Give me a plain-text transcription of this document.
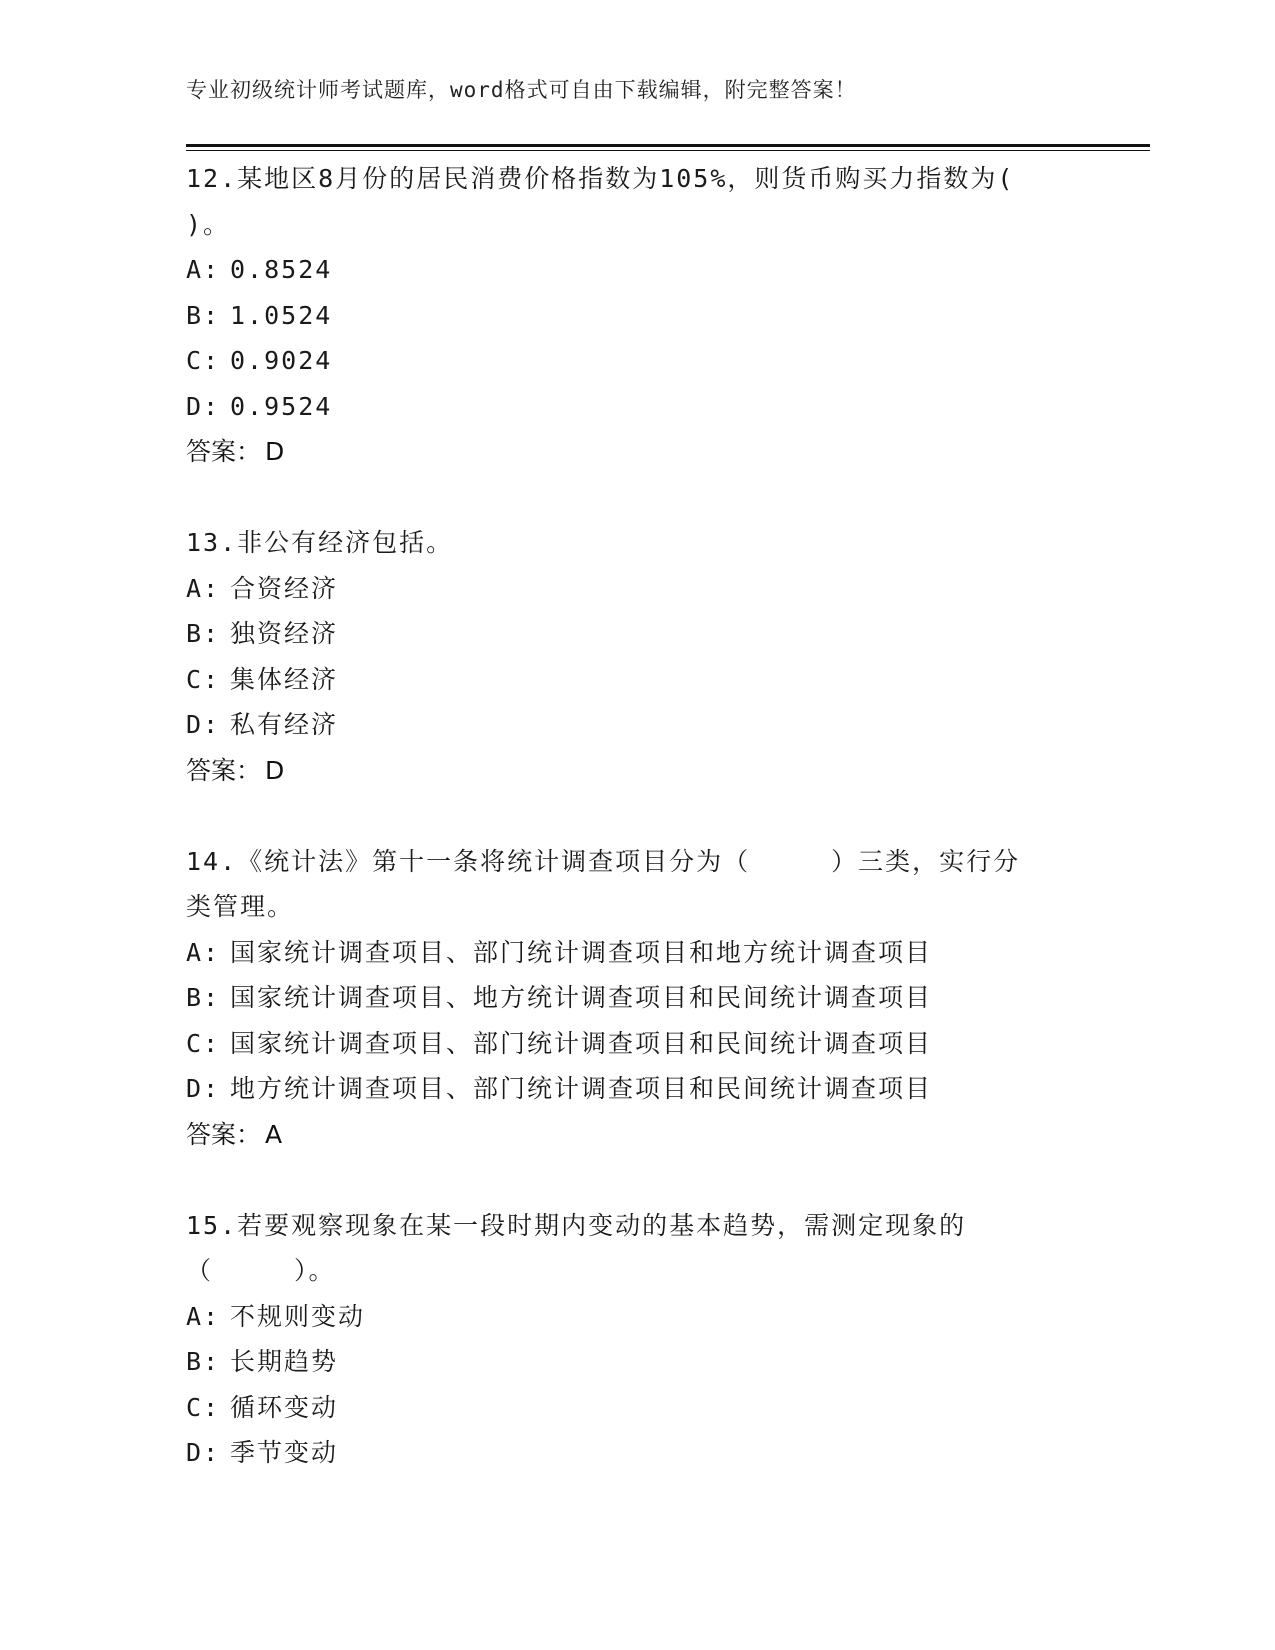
专业初级统计师考试题库，word格式可自由下载编辑，附完整答案！
12.某地区8月份的居民消费价格指数为105%，则货币购买力指数为(
)。
A: 0.8524
B: 1.0524
C: 0.9024
D: 0.9524
答案： D
13.非公有经济包括。
A: 合资经济
B: 独资经济
C: 集体经济
D: 私有经济
答案： D
14.《统计法》第十一条将统计调查项目分为（　　　）三类，实行分
类管理。
A: 国家统计调查项目、部门统计调查项目和地方统计调查项目
B: 国家统计调查项目、地方统计调查项目和民间统计调查项目
C: 国家统计调查项目、部门统计调查项目和民间统计调查项目
D: 地方统计调查项目、部门统计调查项目和民间统计调查项目
答案： A
15.若要观察现象在某一段时期内变动的基本趋势，需测定现象的
（　　　）。
A: 不规则变动
B: 长期趋势
C: 循环变动
D: 季节变动
